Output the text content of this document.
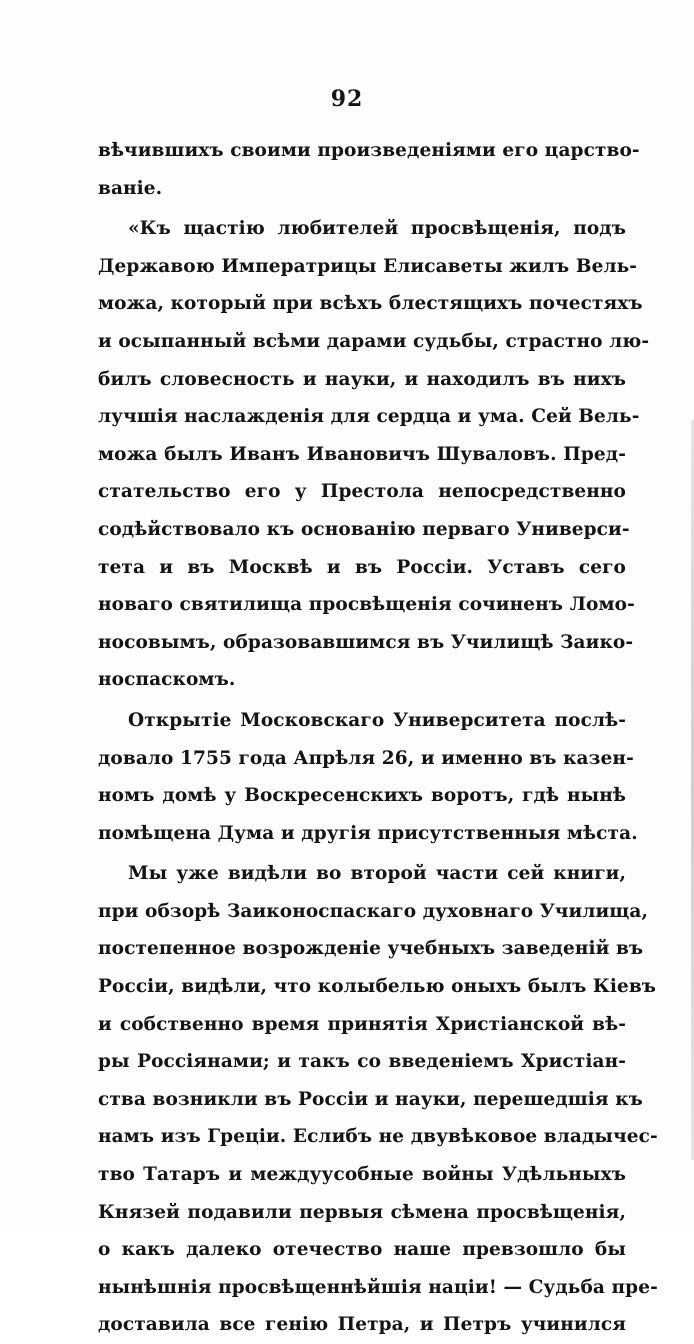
92
вѣчившихъ своими произведеніями его царство-
ваніе.
«Къ щастію любителей просвѣщенія, подъ
Державою Императрицы Елисаветы жилъ Вель-
можа, который при всѣхъ блестящихъ почестяхъ
и осыпанный всѣми дарами судьбы, страстно лю-
билъ словесность и науки, и находилъ въ нихъ
лучшія наслажденія для сердца и ума. Сей Вель-
можа былъ Иванъ Ивановичъ Шуваловъ. Пред-
стательство его у Престола непосредственно
содѣйствовало къ основанію перваго Универси-
тета и въ Москвѣ и въ Россіи. Уставъ сего
новаго святилища просвѣщенія сочиненъ Ломо-
носовымъ, образовавшимся въ Училищѣ Заико-
носпаскомъ.
Открытіе Московскаго Университета послѣ-
довало 1755 года Апрѣля 26, и именно въ казен-
номъ домѣ у Воскресенскихъ воротъ, гдѣ нынѣ
помѣщена Дума и другія присутственныя мѣста.
Мы уже видѣли во второй части сей книги,
при обзорѣ Заиконоспаскаго духовнаго Училища,
постепенное возрожденіе учебныхъ заведеній въ
Россіи, видѣли, что колыбелью оныхъ былъ Кіевъ
и собственно время принятія Христіанской вѣ-
ры Россіянами; и такъ со введеніемъ Христіан-
ства возникли въ Россіи и науки, перешедшія къ
намъ изъ Греціи. Еслибъ не двувѣковое владычес-
тво Татаръ и междуусобные войны Удѣльныхъ
Князей подавили первыя сѣмена просвѣщенія,
о какъ далеко отечество наше превзошло бы
нынѣшнія просвѣщеннѣйшія націи! — Судьба пре-
доставила все генію Петра, и Петръ учинился
